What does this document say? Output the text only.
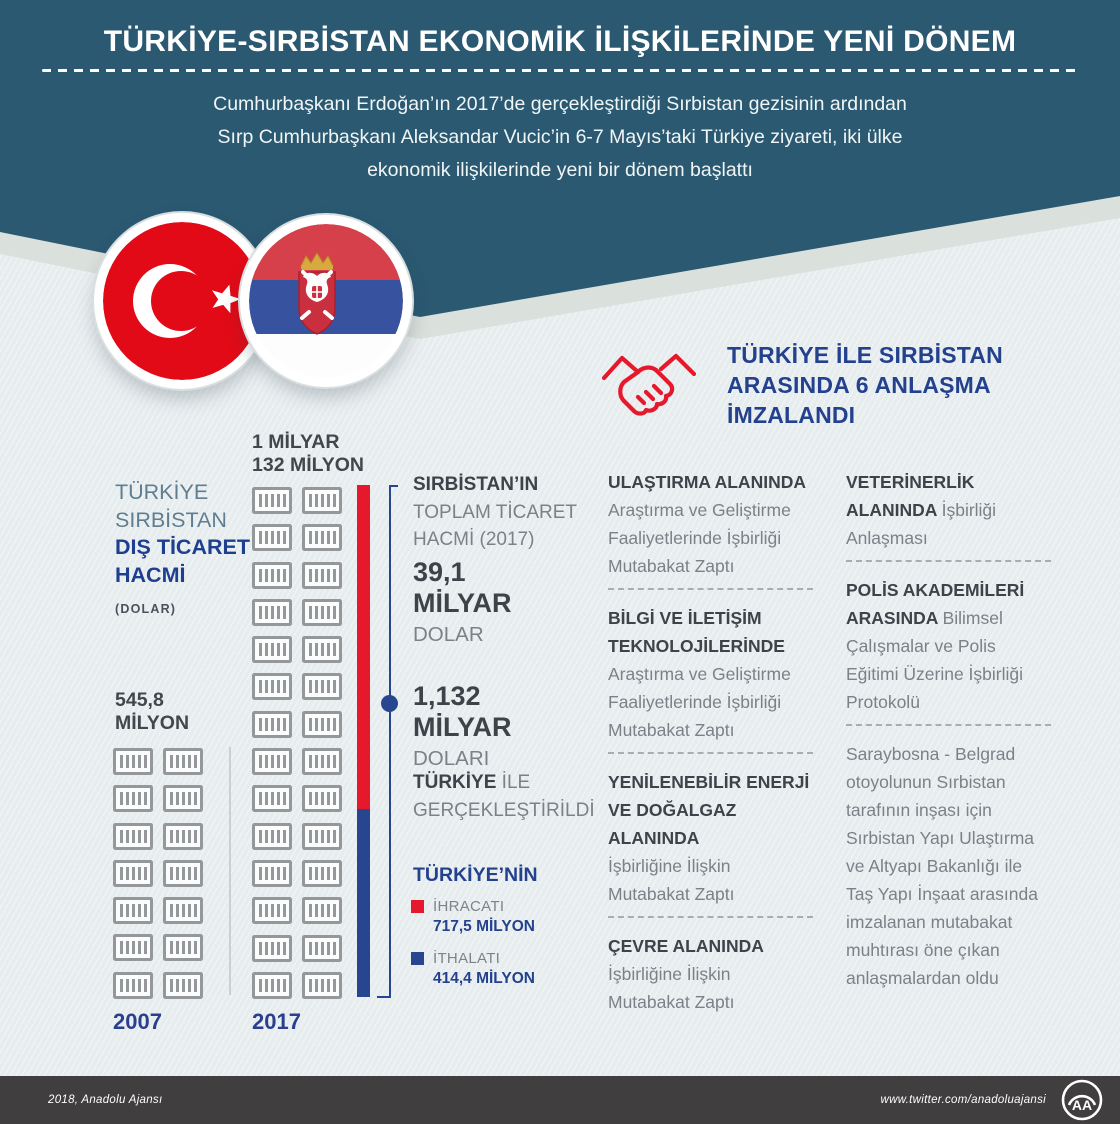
TÜRKİYE-SIRBİSTAN EKONOMİK İLİŞKİLERİNDE YENİ DÖNEM
Cumhurbaşkanı Erdoğan’ın 2017’de gerçekleştirdiği Sırbistan gezisinin ardından
Sırp Cumhurbaşkanı Aleksandar Vucic’in 6-7 Mayıs’taki Türkiye ziyareti, iki ülke
ekonomik ilişkilerinde yeni bir dönem başlattı
TÜRKİYE İLE SIRBİSTAN
ARASINDA 6 ANLAŞMA
İMZALANDI
TÜRKİYE
SIRBİSTAN
DIŞ TİCARET
HACMİ
(DOLAR)
1 MİLYAR
132 MİLYON
545,8
MİLYON
2007	2017
SIRBİSTAN’IN
TOPLAM TİCARET
HACMİ (2017)
39,1
MİLYAR
DOLAR
1,132
MİLYAR
DOLARI
TÜRKİYE İLE
GERÇEKLEŞTİRİLDİ
TÜRKİYE’NİN
İHRACATI
717,5 MİLYON
İTHALATI
414,4 MİLYON
ULAŞTIRMA ALANINDA
Araştırma ve Geliştirme
Faaliyetlerinde İşbirliği
Mutabakat Zaptı
BİLGİ VE İLETİŞİM
TEKNOLOJİLERİNDE
Araştırma ve Geliştirme
Faaliyetlerinde İşbirliği
Mutabakat Zaptı
YENİLENEBİLİR ENERJİ
VE DOĞALGAZ ALANINDA
İşbirliğine İlişkin
Mutabakat Zaptı
ÇEVRE ALANINDA
İşbirliğine İlişkin
Mutabakat Zaptı
VETERİNERLİK
ALANINDA İşbirliği
Anlaşması
POLİS AKADEMİLERİ
ARASINDA Bilimsel
Çalışmalar ve Polis
Eğitimi Üzerine İşbirliği
Protokolü
Saraybosna - Belgrad
otoyolunun Sırbistan
tarafının inşası için
Sırbistan Yapı Ulaştırma
ve Altyapı Bakanlığı ile
Taş Yapı İnşaat arasında
imzalanan mutabakat
muhtırası öne çıkan
anlaşmalardan oldu
2018, Anadolu Ajansı	www.twitter.com/anadoluajansi AA
